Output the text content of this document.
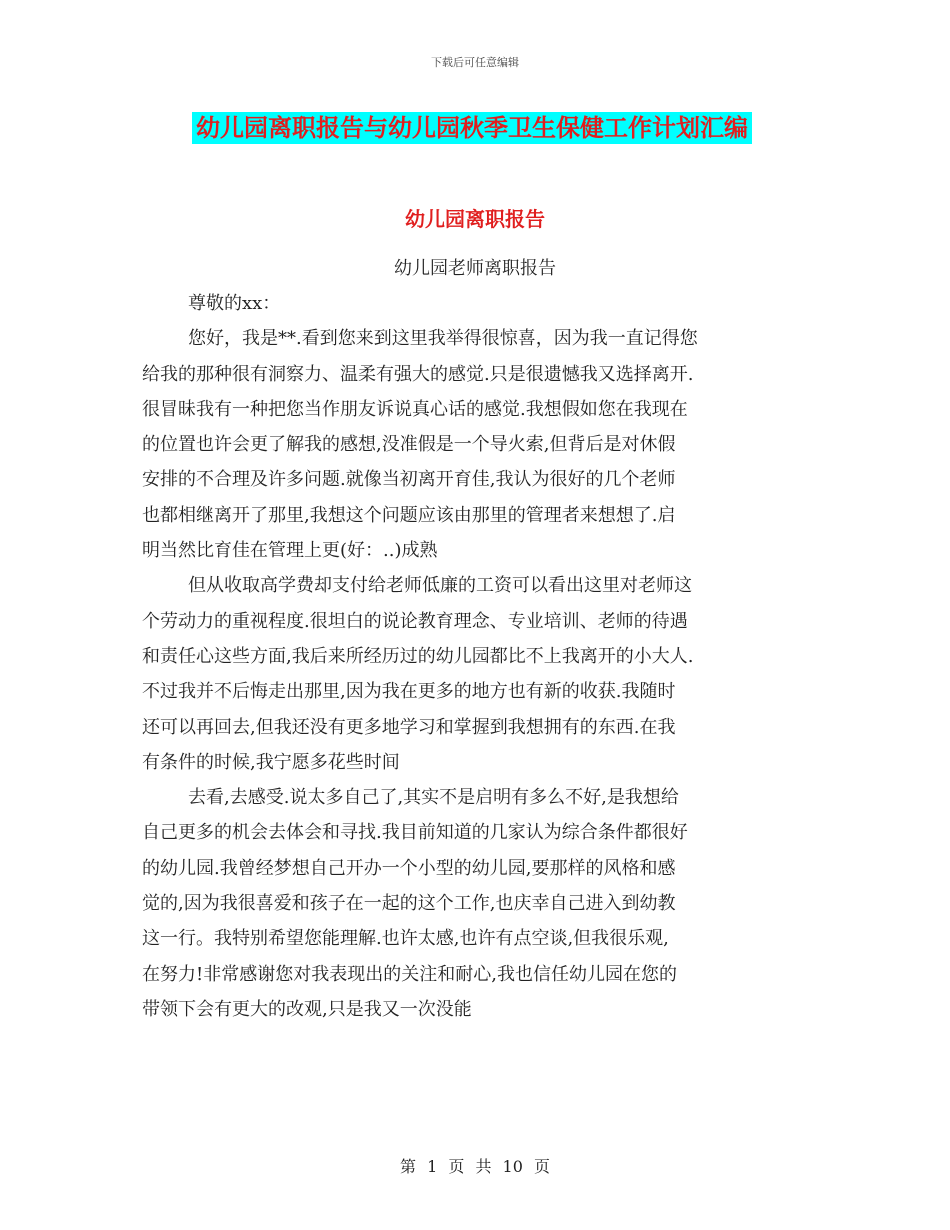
下载后可任意编辑
幼儿园离职报告与幼儿园秋季卫生保健工作计划汇编
幼儿园离职报告
幼儿园老师离职报告
尊敬的xx：
您好，我是**.看到您来到这里我举得很惊喜，因为我一直记得您
给我的那种很有洞察力、温柔有强大的感觉.只是很遗憾我又选择离开.
很冒昧我有一种把您当作朋友诉说真心话的感觉.我想假如您在我现在
的位置也许会更了解我的感想,没准假是一个导火索,但背后是对休假
安排的不合理及许多问题.就像当初离开育佳,我认为很好的几个老师
也都相继离开了那里,我想这个问题应该由那里的管理者来想想了.启
明当然比育佳在管理上更(好：..)成熟
但从收取高学费却支付给老师低廉的工资可以看出这里对老师这
个劳动力的重视程度.很坦白的说论教育理念、专业培训、老师的待遇
和责任心这些方面,我后来所经历过的幼儿园都比不上我离开的小大人.
不过我并不后悔走出那里,因为我在更多的地方也有新的收获.我随时
还可以再回去,但我还没有更多地学习和掌握到我想拥有的东西.在我
有条件的时候,我宁愿多花些时间
去看,去感受.说太多自己了,其实不是启明有多么不好,是我想给
自己更多的机会去体会和寻找.我目前知道的几家认为综合条件都很好
的幼儿园.我曾经梦想自己开办一个小型的幼儿园,要那样的风格和感
觉的,因为我很喜爱和孩子在一起的这个工作,也庆幸自己进入到幼教
这一行。我特别希望您能理解.也许太感,也许有点空谈,但我很乐观,
在努力!非常感谢您对我表现出的关注和耐心,我也信任幼儿园在您的
带领下会有更大的改观,只是我又一次没能
第 1 页 共 10 页
